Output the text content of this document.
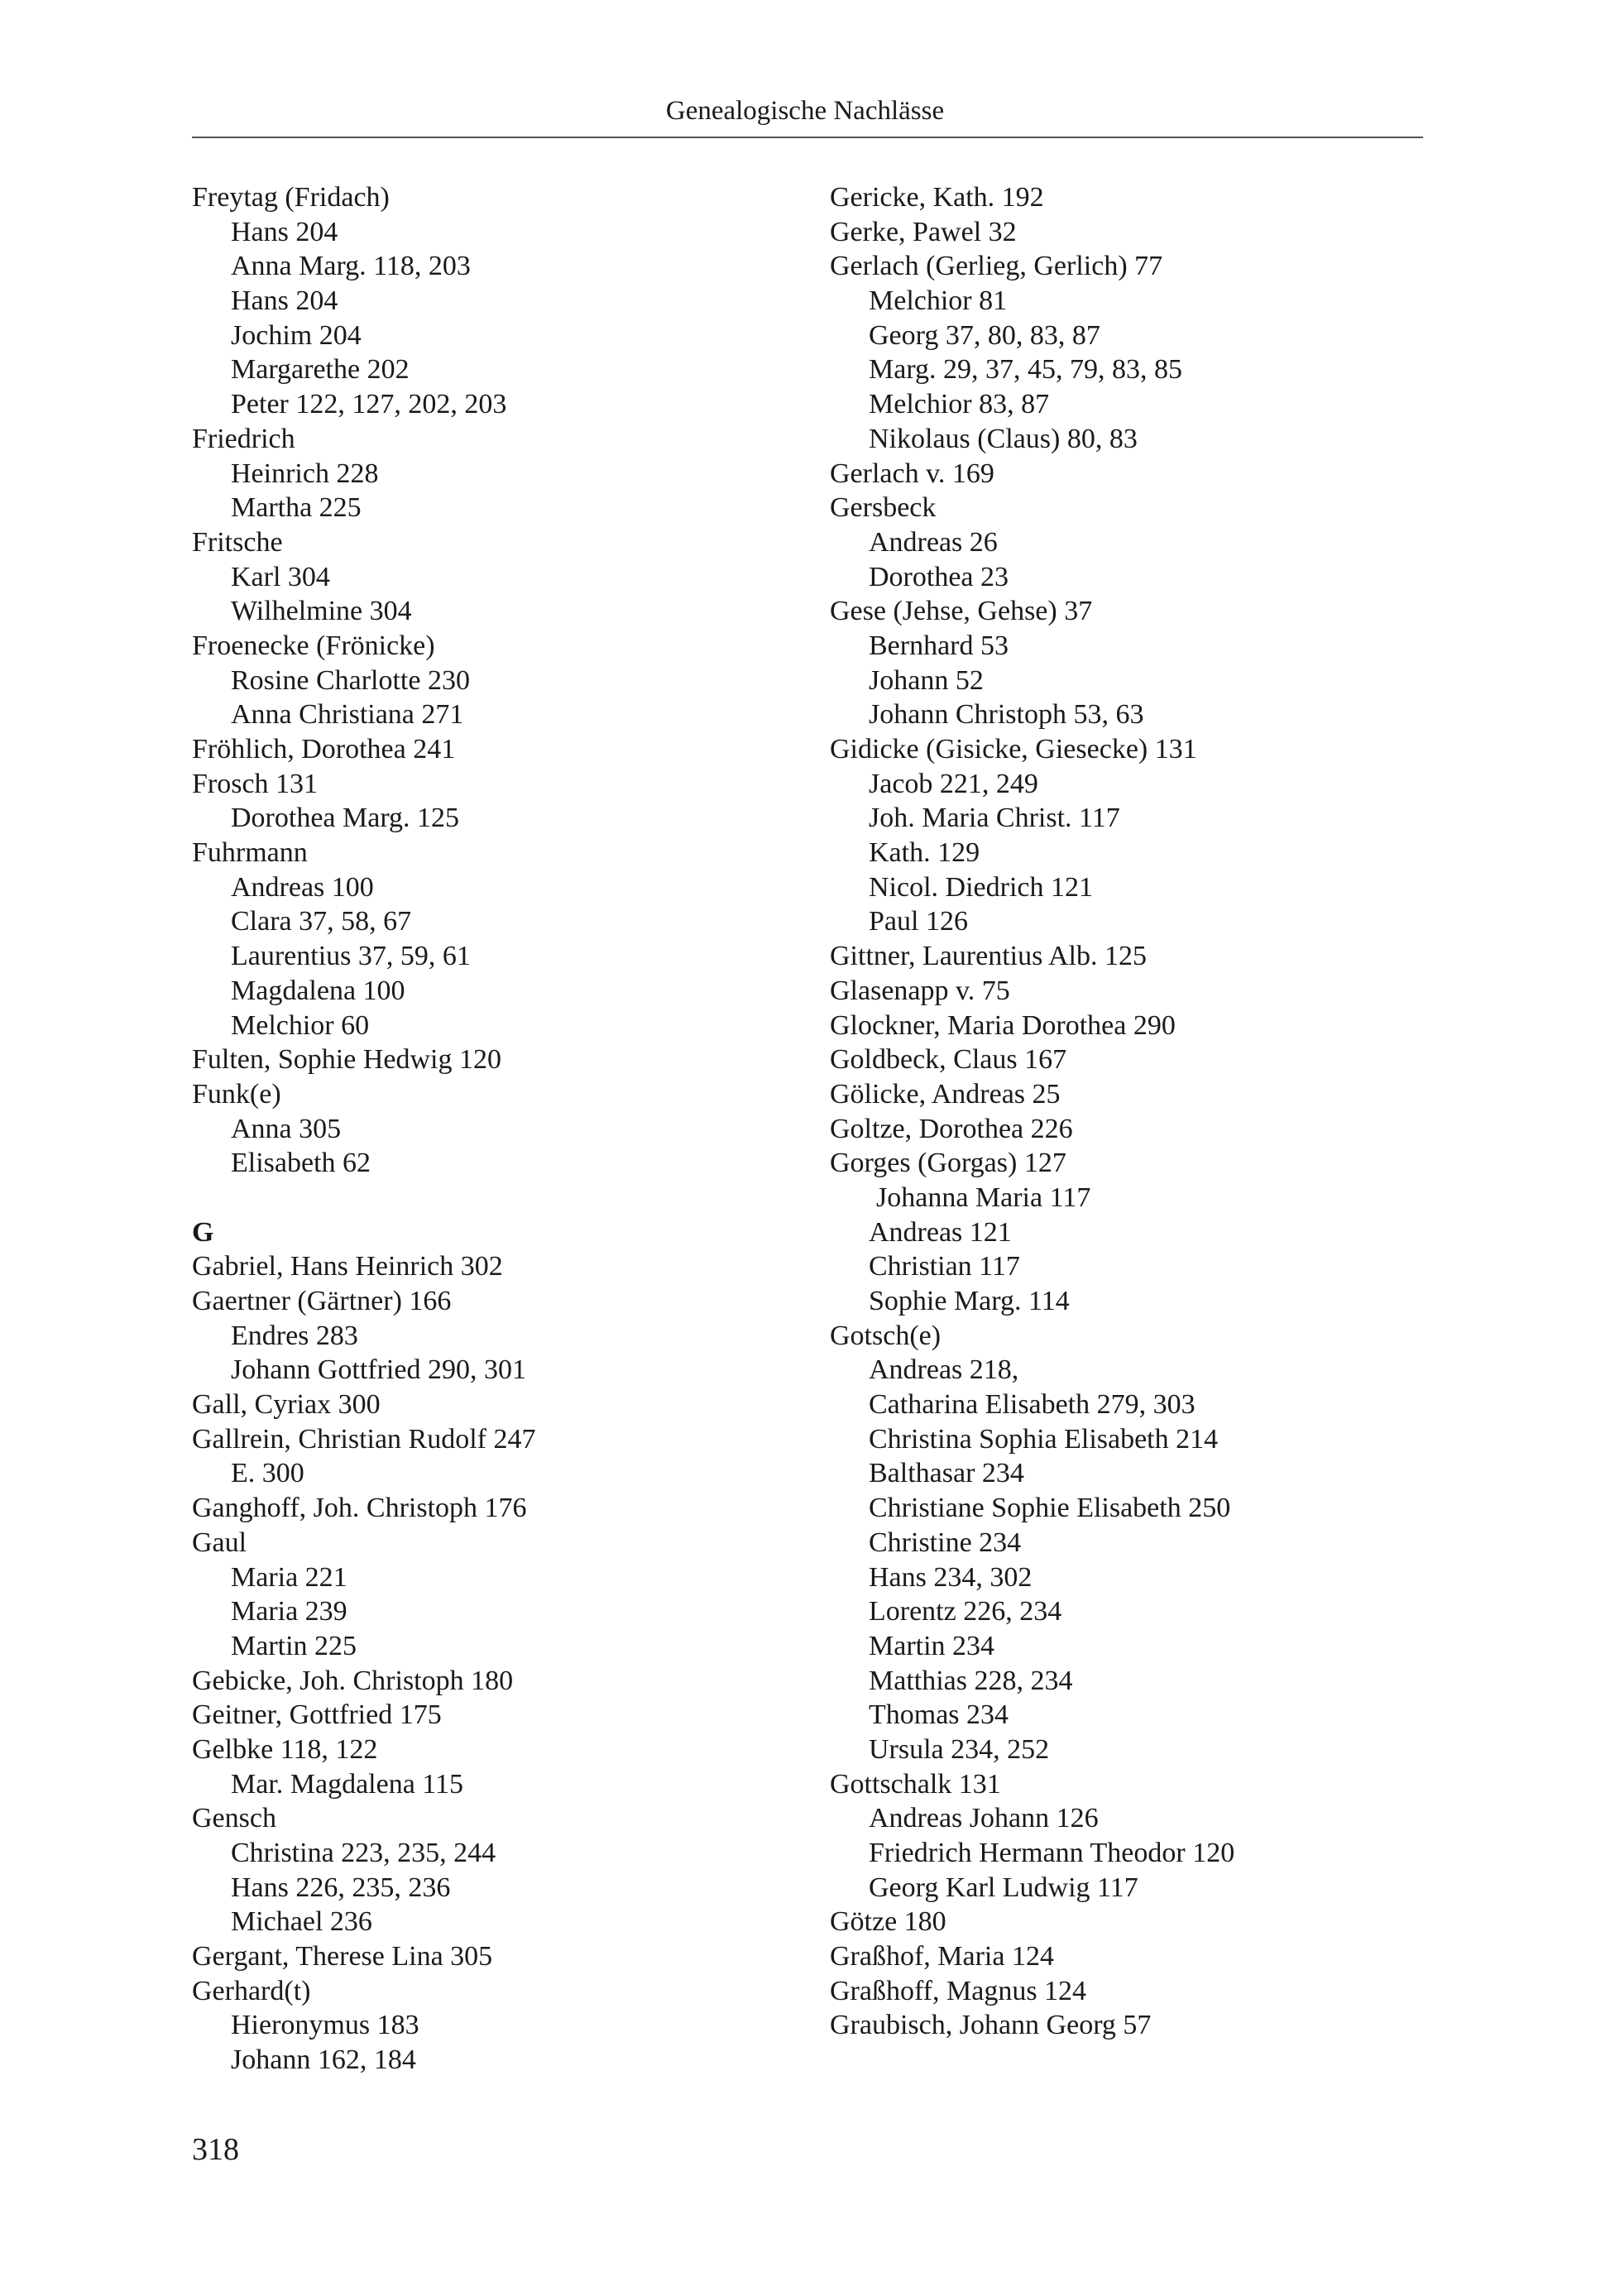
Genealogische Nachlässe
Freytag (Fridach)
Hans 204
Anna Marg. 118, 203
Hans 204
Jochim 204
Margarethe 202
Peter 122, 127, 202, 203
Friedrich
Heinrich 228
Martha 225
Fritsche
Karl 304
Wilhelmine 304
Froenecke (Frönicke)
Rosine Charlotte 230
Anna Christiana 271
Fröhlich, Dorothea 241
Frosch 131
Dorothea Marg. 125
Fuhrmann
Andreas 100
Clara 37, 58, 67
Laurentius 37, 59, 61
Magdalena 100
Melchior 60
Fulten, Sophie Hedwig 120
Funk(e)
Anna 305
Elisabeth 62
G
Gabriel, Hans Heinrich 302
Gaertner (Gärtner) 166
Endres 283
Johann Gottfried 290, 301
Gall, Cyriax 300
Gallrein, Christian Rudolf 247
E. 300
Ganghoff, Joh. Christoph 176
Gaul
Maria 221
Maria 239
Martin 225
Gebicke, Joh. Christoph 180
Geitner, Gottfried 175
Gelbke 118, 122
Mar. Magdalena 115
Gensch
Christina 223, 235, 244
Hans 226, 235, 236
Michael 236
Gergant, Therese Lina 305
Gerhard(t)
Hieronymus 183
Johann 162, 184
Gericke, Kath. 192
Gerke, Pawel 32
Gerlach (Gerlieg, Gerlich) 77
Melchior 81
Georg 37, 80, 83, 87
Marg. 29, 37, 45, 79, 83, 85
Melchior 83, 87
Nikolaus (Claus) 80, 83
Gerlach v. 169
Gersbeck
Andreas 26
Dorothea 23
Gese (Jehse, Gehse) 37
Bernhard 53
Johann 52
Johann Christoph 53, 63
Gidicke (Gisicke, Giesecke) 131
Jacob 221, 249
Joh. Maria Christ. 117
Kath. 129
Nicol. Diedrich 121
Paul 126
Gittner, Laurentius Alb. 125
Glasenapp v. 75
Glockner, Maria Dorothea 290
Goldbeck, Claus 167
Gölicke, Andreas 25
Goltze, Dorothea 226
Gorges (Gorgas) 127
Johanna Maria 117
Andreas 121
Christian 117
Sophie Marg. 114
Gotsch(e)
Andreas 218,
Catharina Elisabeth 279, 303
Christina Sophia Elisabeth 214
Balthasar 234
Christiane Sophie Elisabeth 250
Christine 234
Hans 234, 302
Lorentz 226, 234
Martin 234
Matthias 228, 234
Thomas 234
Ursula 234, 252
Gottschalk 131
Andreas Johann 126
Friedrich Hermann Theodor 120
Georg Karl Ludwig 117
Götze 180
Graßhof, Maria 124
Graßhoff, Magnus 124
Graubisch, Johann Georg 57
318
